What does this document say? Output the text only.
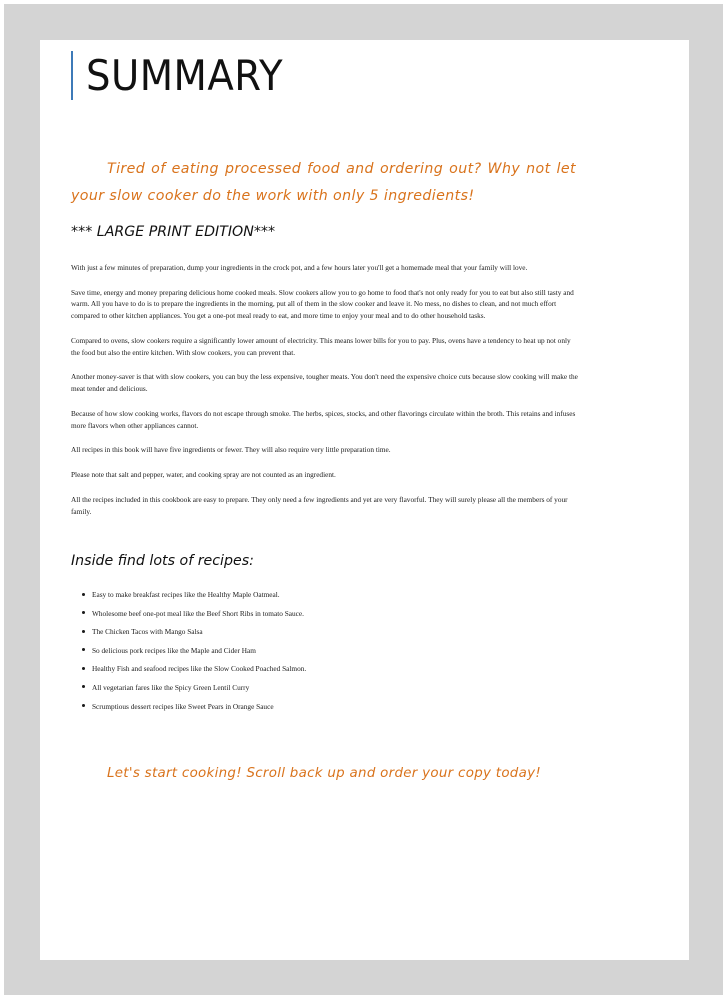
SUMMARY

Tired of eating processed food and ordering out? Why not let your slow cooker do the work with only 5 ingredients!

*** LARGE PRINT EDITION***

With just a few minutes of preparation, dump your ingredients in the crock pot, and a few hours later you'll get a homemade meal that your family will love.

Save time, energy and money preparing delicious home cooked meals. Slow cookers allow you to go home to food that's not only ready for you to eat but also still tasty and warm. All you have to do is to prepare the ingredients in the morning, put all of them in the slow cooker and leave it. No mess, no dishes to clean, and not much effort compared to other kitchen appliances. You get a one-pot meal ready to eat, and more time to enjoy your meal and to do other household tasks.

Compared to ovens, slow cookers require a significantly lower amount of electricity. This means lower bills for you to pay. Plus, ovens have a tendency to heat up not only the food but also the entire kitchen. With slow cookers, you can prevent that.

Another money-saver is that with slow cookers, you can buy the less expensive, tougher meats. You don't need the expensive choice cuts because slow cooking will make the meat tender and delicious.

Because of how slow cooking works, flavors do not escape through smoke. The herbs, spices, stocks, and other flavorings circulate within the broth. This retains and infuses more flavors when other appliances cannot.

All recipes in this book will have five ingredients or fewer. They will also require very little preparation time.

Please note that salt and pepper, water, and cooking spray are not counted as an ingredient.

All the recipes included in this cookbook are easy to prepare. They only need a few ingredients and yet are very flavorful. They will surely please all the members of your family.

Inside find lots of recipes:

Easy to make breakfast recipes like the Healthy Maple Oatmeal.
Wholesome beef one-pot meal like the Beef Short Ribs in tomato Sauce.
The Chicken Tacos with Mango Salsa
So delicious pork recipes like the Maple and Cider Ham
Healthy Fish and seafood recipes like the Slow Cooked Poached Salmon.
All vegetarian fares like the Spicy Green Lentil Curry
Scrumptious dessert recipes like Sweet Pears in Orange Sauce

Let's start cooking! Scroll back up and order your copy today!
